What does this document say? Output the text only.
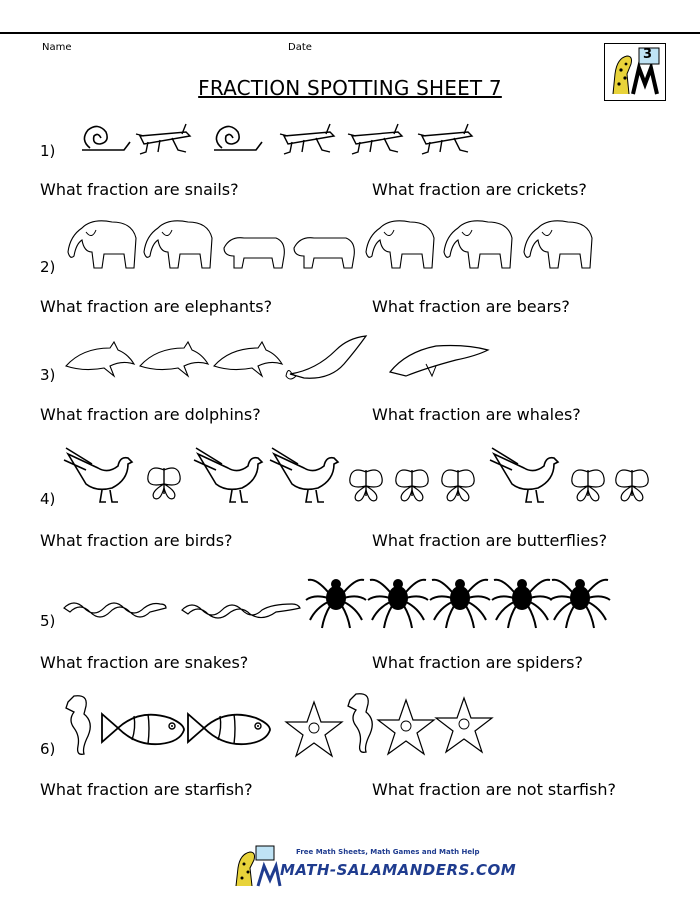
Name	Date
FRACTION SPOTTING SHEET 7
3
1)
What fraction are snails?	What fraction are crickets?
2)
What fraction are elephants?	What fraction are bears?
3)
What fraction are dolphins?	What fraction are whales?
4)
What fraction are birds?	What fraction are butterflies?
5)
What fraction are snakes?	What fraction are spiders?
6)
What fraction are starfish?	What fraction are not starfish?
Free Math Sheets, Math Games and Math Help
MATH-SALAMANDERS.COM
